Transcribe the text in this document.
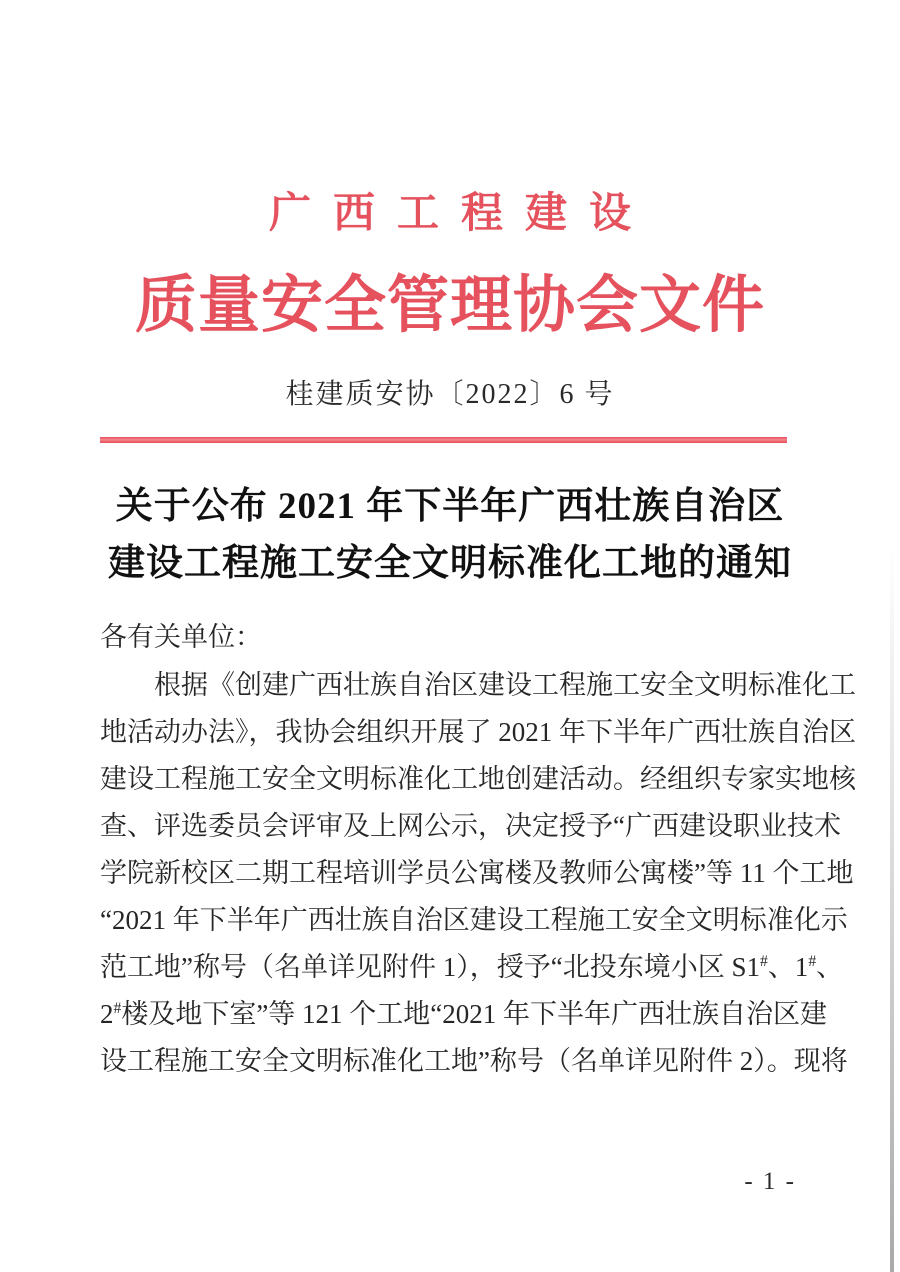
广西工程建设
质量安全管理协会文件
桂建质安协〔2022〕6 号
关于公布 2021 年下半年广西壮族自治区
建设工程施工安全文明标准化工地的通知
各有关单位：
根据《创建广西壮族自治区建设工程施工安全文明标准化工
地活动办法》，我协会组织开展了 2021 年下半年广西壮族自治区
建设工程施工安全文明标准化工地创建活动。经组织专家实地核
查、评选委员会评审及上网公示，决定授予“广西建设职业技术
学院新校区二期工程培训学员公寓楼及教师公寓楼”等 11 个工地
“2021 年下半年广西壮族自治区建设工程施工安全文明标准化示
范工地”称号（名单详见附件 1），授予“北投东境小区 S1#、1#、
2#楼及地下室”等 121 个工地“2021 年下半年广西壮族自治区建
设工程施工安全文明标准化工地”称号（名单详见附件 2）。现将
- 1 -
